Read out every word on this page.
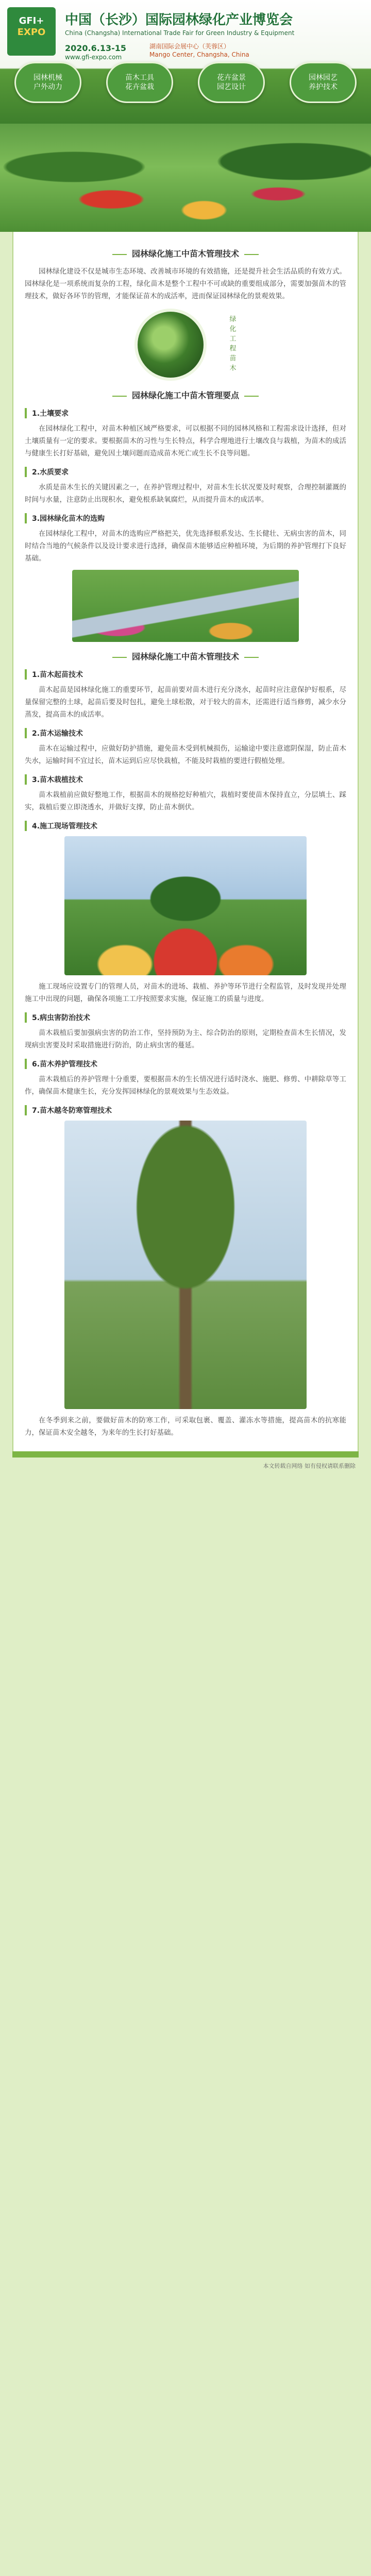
GFI+
EXPO
中国（长沙）国际园林绿化产业博览会
China (Changsha) International Trade Fair for Green Industry & Equipment
2020.6.13-15	湖南国际会展中心（芙蓉区）
Mango Center, Changsha, China
www.gfi-expo.com
园林机械
户外动力
苗木工具
花卉盆栽
花卉盆景
园艺设计
园林园艺
养护技术
园林绿化施工中苗木管理技术

园林绿化建设不仅是城市生态环境、改善城市环境的有效措施，还是提升社会生活品质的有效方式。园林绿化是一项系统而复杂的工程，绿化苗木是整个工程中不可或缺的重要组成部分，需要加强苗木的管理技术，做好各环节的管理，才能保证苗木的成活率，进而保证园林绿化的景观效果。

绿化工程苗木
园林绿化施工中苗木管理要点
1.土壤要求

在园林绿化工程中，对苗木种植区域严格要求，可以根据不同的园林风格和工程需求设计选择，但对土壤质量有一定的要求。要根据苗木的习性与生长特点，科学合理地进行土壤改良与栽植，为苗木的成活与健康生长打好基础，避免因土壤问题而造成苗木死亡或生长不良等问题。

2.水质要求

水质是苗木生长的关键因素之一，在养护管理过程中，对苗木生长状况要及时观察，合理控制灌溉的时间与水量，注意防止出现积水，避免根系缺氧腐烂，从而提升苗木的成活率。

3.园林绿化苗木的选购

在园林绿化工程中，对苗木的选购应严格把关，优先选择根系发达、生长健壮、无病虫害的苗木，同时结合当地的气候条件以及设计要求进行选择，确保苗木能够适应种植环境，为后期的养护管理打下良好基础。

园林绿化施工中苗木管理技术
1.苗木起苗技术

苗木起苗是园林绿化施工的重要环节，起苗前要对苗木进行充分浇水，起苗时应注意保护好根系，尽量保留完整的土球，起苗后要及时包扎，避免土球松散，对于较大的苗木，还需进行适当修剪，减少水分蒸发，提高苗木的成活率。

2.苗木运输技术

苗木在运输过程中，应做好防护措施，避免苗木受到机械损伤，运输途中要注意遮阴保湿，防止苗木失水，运输时间不宜过长，苗木运到后应尽快栽植，不能及时栽植的要进行假植处理。

3.苗木栽植技术

苗木栽植前应做好整地工作，根据苗木的规格挖好种植穴，栽植时要使苗木保持直立，分层填土、踩实，栽植后要立即浇透水，并做好支撑，防止苗木倒伏。

4.施工现场管理技术

施工现场应设置专门的管理人员，对苗木的进场、栽植、养护等环节进行全程监管，及时发现并处理施工中出现的问题，确保各项施工工序按照要求实施，保证施工的质量与进度。

5.病虫害防治技术

苗木栽植后要加强病虫害的防治工作，坚持预防为主、综合防治的原则，定期检查苗木生长情况，发现病虫害要及时采取措施进行防治，防止病虫害的蔓延。

6.苗木养护管理技术

苗木栽植后的养护管理十分重要，要根据苗木的生长情况进行适时浇水、施肥、修剪、中耕除草等工作，确保苗木健康生长，充分发挥园林绿化的景观效果与生态效益。

7.苗木越冬防寒管理技术

在冬季到来之前，要做好苗木的防寒工作，可采取包裹、覆盖、灌冻水等措施，提高苗木的抗寒能力，保证苗木安全越冬，为来年的生长打好基础。

本文转载自网络 如有侵权请联系删除
